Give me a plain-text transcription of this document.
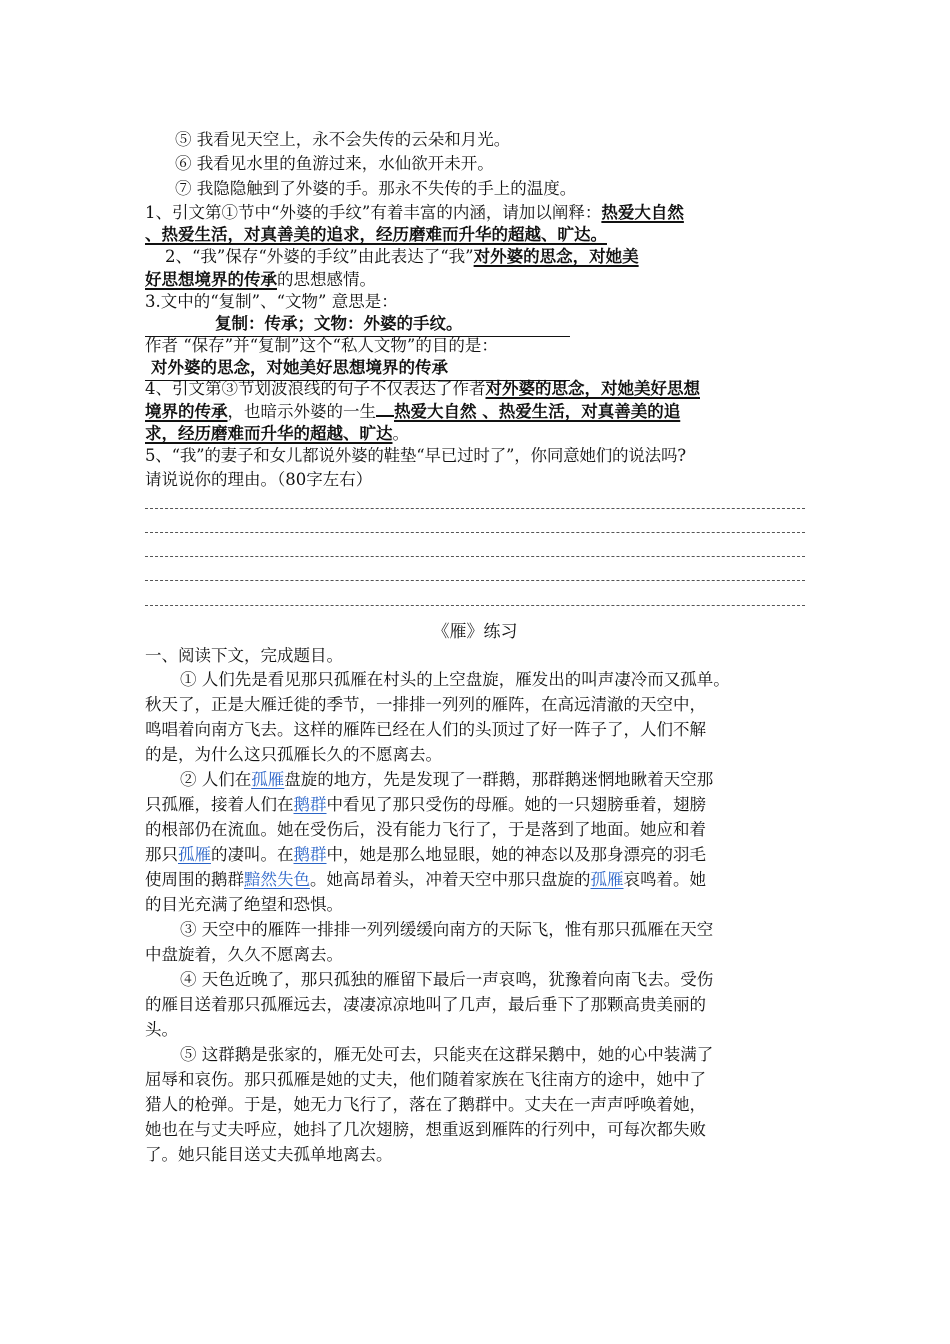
⑤ 我看见天空上，永不会失传的云朵和月光。
⑥ 我看见水里的鱼游过来，水仙欲开未开。
⑦ 我隐隐触到了外婆的手。那永不失传的手上的温度。
1、引文第①节中“外婆的手纹”有着丰富的内涵，请加以阐释：热爱大自然
、热爱生活，对真善美的追求，经历磨难而升华的超越、旷达。
2、“我”保存“外婆的手纹”由此表达了“我”对外婆的思念，对她美
好思想境界的传承的思想感情。
3.文中的“复制”、“文物” 意思是：
复制：传承；文物：外婆的手纹。
作者 “保存”并“复制”这个“私人文物”的目的是：
对外婆的思念，对她美好思想境界的传承
4、引文第③节划波浪线的句子不仅表达了作者对外婆的思念，对她美好思想
境界的传承，也暗示外婆的一生 热爱大自然 、热爱生活，对真善美的追
求，经历磨难而升华的超越、旷达。
5、“我”的妻子和女儿都说外婆的鞋垫“早已过时了”，你同意她们的说法吗?
请说说你的理由。（80字左右）
《雁》练习
一、阅读下文，完成题目。
① 人们先是看见那只孤雁在村头的上空盘旋，雁发出的叫声凄冷而又孤单。
秋天了，正是大雁迁徙的季节，一排排一列列的雁阵，在高远清澈的天空中，
鸣唱着向南方飞去。这样的雁阵已经在人们的头顶过了好一阵子了，人们不解
的是，为什么这只孤雁长久的不愿离去。
② 人们在孤雁盘旋的地方，先是发现了一群鹅，那群鹅迷惘地瞅着天空那
只孤雁，接着人们在鹅群中看见了那只受伤的母雁。她的一只翅膀垂着，翅膀
的根部仍在流血。她在受伤后，没有能力飞行了，于是落到了地面。她应和着
那只孤雁的凄叫。在鹅群中，她是那么地显眼，她的神态以及那身漂亮的羽毛
使周围的鹅群黯然失色。她高昂着头，冲着天空中那只盘旋的孤雁哀鸣着。她
的目光充满了绝望和恐惧。
③ 天空中的雁阵一排排一列列缓缓向南方的天际飞，惟有那只孤雁在天空
中盘旋着，久久不愿离去。
④ 天色近晚了，那只孤独的雁留下最后一声哀鸣，犹豫着向南飞去。受伤
的雁目送着那只孤雁远去，凄凄凉凉地叫了几声，最后垂下了那颗高贵美丽的
头。
⑤ 这群鹅是张家的，雁无处可去，只能夹在这群呆鹅中，她的心中装满了
屈辱和哀伤。那只孤雁是她的丈夫，他们随着家族在飞往南方的途中，她中了
猎人的枪弹。于是，她无力飞行了，落在了鹅群中。丈夫在一声声呼唤着她，
她也在与丈夫呼应，她抖了几次翅膀，想重返到雁阵的行列中，可每次都失败
了。她只能目送丈夫孤单地离去。
